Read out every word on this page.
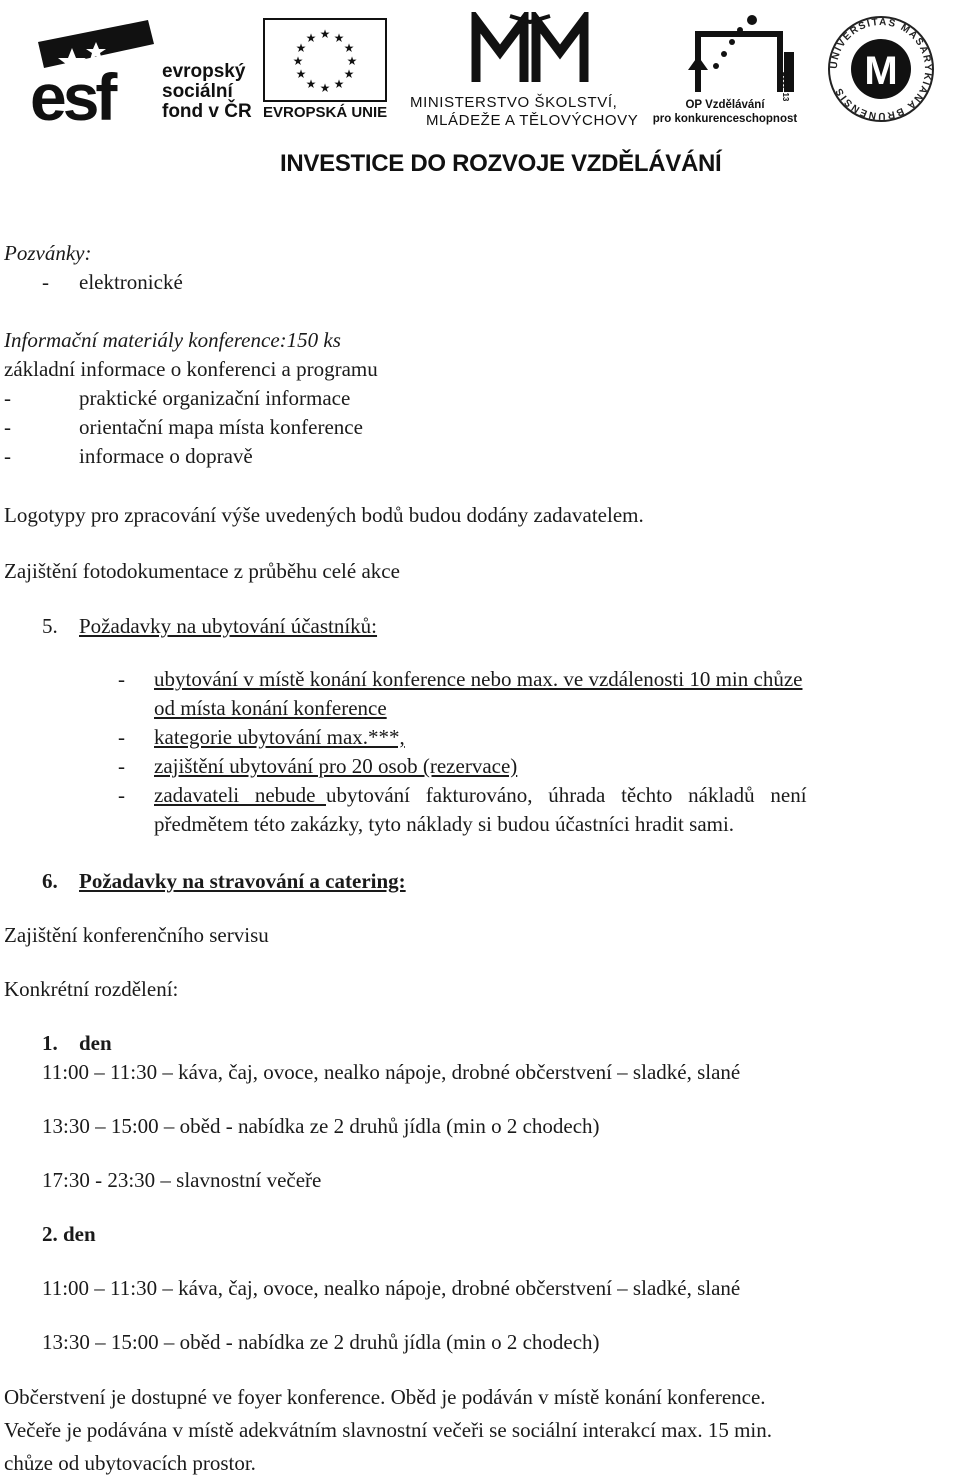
esf	evropský
sociální
fond v ČR
★ ★
★
★
★
★
★
★
★
★
★
★
EVROPSKÁ UNIE
MINISTERSTVO ŠKOLSTVÍ,
MLÁDEŽE A TĚLOVÝCHOVY
2007-13
OP Vzdělávání
pro konkurenceschopnost
UNIVERSITAS MASARYKIANA BRUNENSIS M
INVESTICE DO ROZVOJE VZDĚLÁVÁNÍ
Pozvánky:
- elektronické
Informační materiály konference:150 ks
základní informace o konferenci a programu
-	praktické organizační informace
-	orientační mapa místa konference
-	informace o dopravě
Logotypy pro zpracování výše uvedených bodů budou dodány zadavatelem.
Zajištění fotodokumentace z průběhu celé akce
5. Požadavky na ubytování účastníků:
- ubytování v místě konání konference nebo max. ve vzdálenosti 10 min chůze
od místa konání konference
- kategorie ubytování max.***,
- zajištění ubytování pro 20 osob (rezervace)
- zadavateli   nebude  ubytování   fakturováno,   úhrada   těchto   nákladů   není
předmětem této zakázky, tyto náklady si budou účastníci hradit sami.
6. Požadavky na stravování a catering:
Zajištění konferenčního servisu
Konkrétní rozdělení:
1. den
11:00 – 11:30 – káva, čaj, ovoce, nealko nápoje, drobné občerstvení – sladké, slané
13:30 – 15:00 – oběd - nabídka ze 2 druhů jídla (min o 2 chodech)
17:30 - 23:30 – slavnostní večeře
2. den
11:00 – 11:30 – káva, čaj, ovoce, nealko nápoje, drobné občerstvení – sladké, slané
13:30 – 15:00 – oběd - nabídka ze 2 druhů jídla (min o 2 chodech)
Občerstvení je dostupné ve foyer konference. Oběd je podáván v místě konání konference.
Večeře je podávána v místě adekvátním slavnostní večeři se sociální interakcí max. 15 min.
chůze od ubytovacích prostor.
